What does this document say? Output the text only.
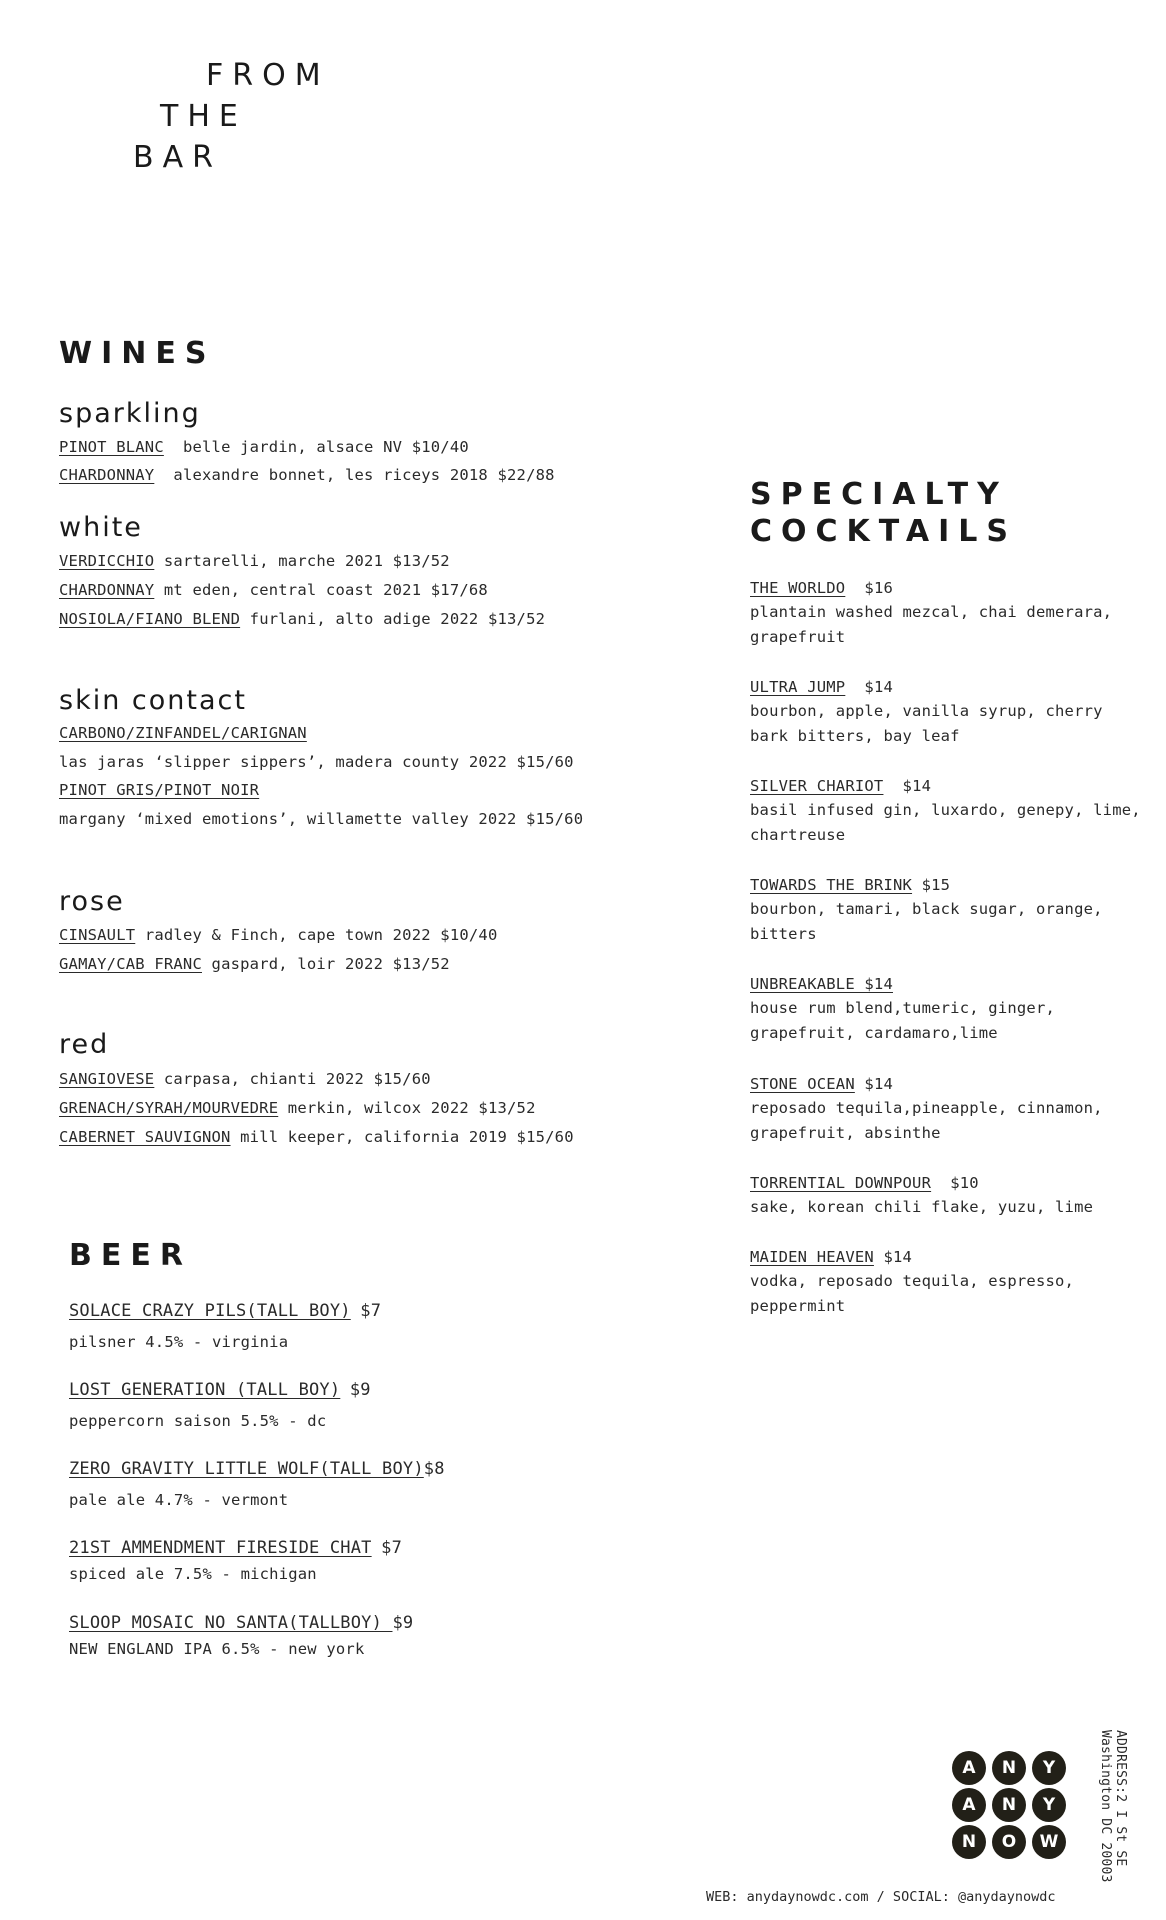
FROM
THE
BAR
WINES
sparkling
PINOT BLANC belle jardin, alsace NV $10/40
CHARDONNAY alexandre bonnet, les riceys 2018 $22/88
white
VERDICCHIO sartarelli, marche 2021 $13/52
CHARDONNAY mt eden, central coast 2021 $17/68
NOSIOLA/FIANO BLEND furlani, alto adige 2022 $13/52
skin contact
CARBONO/ZINFANDEL/CARIGNAN
las jaras ‘slipper sippers’, madera county 2022 $15/60
PINOT GRIS/PINOT NOIR
margany ‘mixed emotions’, willamette valley 2022 $15/60
rose
CINSAULT radley & Finch, cape town 2022 $10/40
GAMAY/CAB FRANC gaspard, loir 2022 $13/52
red
SANGIOVESE carpasa, chianti 2022 $15/60
GRENACH/SYRAH/MOURVEDRE merkin, wilcox 2022 $13/52
CABERNET SAUVIGNON mill keeper, california 2019 $15/60
BEER
SOLACE CRAZY PILS(TALL BOY) $7
pilsner 4.5% - virginia
LOST GENERATION (TALL BOY) $9
peppercorn saison 5.5% - dc
ZERO GRAVITY LITTLE WOLF(TALL BOY)$8
pale ale 4.7% - vermont
21ST AMMENDMENT FIRESIDE CHAT $7
spiced ale 7.5% - michigan
SLOOP MOSAIC NO SANTA(TALLBOY) $9
NEW ENGLAND IPA 6.5% - new york
SPECIALTY
COCKTAILS
THE WORLDO $16
plantain washed mezcal, chai demerara, grapefruit
ULTRA JUMP $14
bourbon, apple, vanilla syrup, cherry bark bitters, bay leaf
SILVER CHARIOT $14
basil infused gin, luxardo, genepy, lime, chartreuse
TOWARDS THE BRINK $15
bourbon, tamari, black sugar, orange, bitters
UNBREAKABLE $14
house rum blend,tumeric, ginger, grapefruit, cardamaro,lime
STONE OCEAN $14
reposado tequila,pineapple, cinnamon, grapefruit, absinthe
TORRENTIAL DOWNPOUR $10
sake, korean chili flake, yuzu, lime
MAIDEN HEAVEN $14
vodka, reposado tequila, espresso, peppermint
A	N	Y
A	N	Y
N	O	W	ADDRESS:2 I St SE
Washington DC 20003
WEB: anydaynowdc.com / SOCIAL: @anydaynowdc
